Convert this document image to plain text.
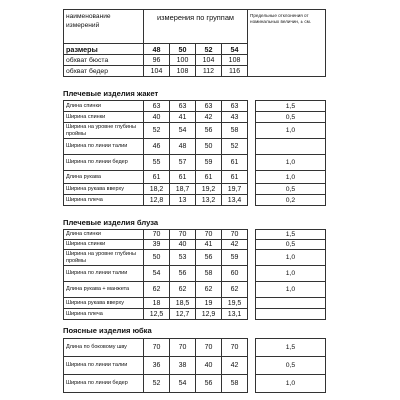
наименование
измерений	измерения по группам				Предельные отклонения от номинальных величин, ± см.
размеры	48	50	52	54	
обхват бюста	96	100	104	108	
обхват бедер	104	108	112	116	
Плечевые изделия жакет
Длина спинки	63	63	63	63		1,5
Ширина спинки	40	41	42	43		0,5
Ширина на уровне глубины проймы	52	54	56	58		1,0
Ширина по линии талии	46	48	50	52		
Ширина по линии бедер	55	57	59	61		1,0
Длина рукава	61	61	61	61		1,0
Ширина рукава вверху	18,2	18,7	19,2	19,7		0,5
Ширина плеча	12,8	13	13,2	13,4		0,2
Плечевые изделия блуза
Длина спинки	70	70	70	70		1,5
Ширина спинки	39	40	41	42		0,5
Ширина на уровне глубины проймы	50	53	56	59		1,0
Ширина по линии талии	54	56	58	60		1,0
Длина рукава + манжета	62	62	62	62		1,0
Ширина рукава вверху	18	18,5	19	19,5		
Ширина плеча	12,5	12,7	12,9	13,1		
Поясные изделия юбка
Длина по боковому шву	70	70	70	70		1,5
Ширина по линии талии	36	38	40	42		0,5
Ширина по линии бедер	52	54	56	58		1,0
